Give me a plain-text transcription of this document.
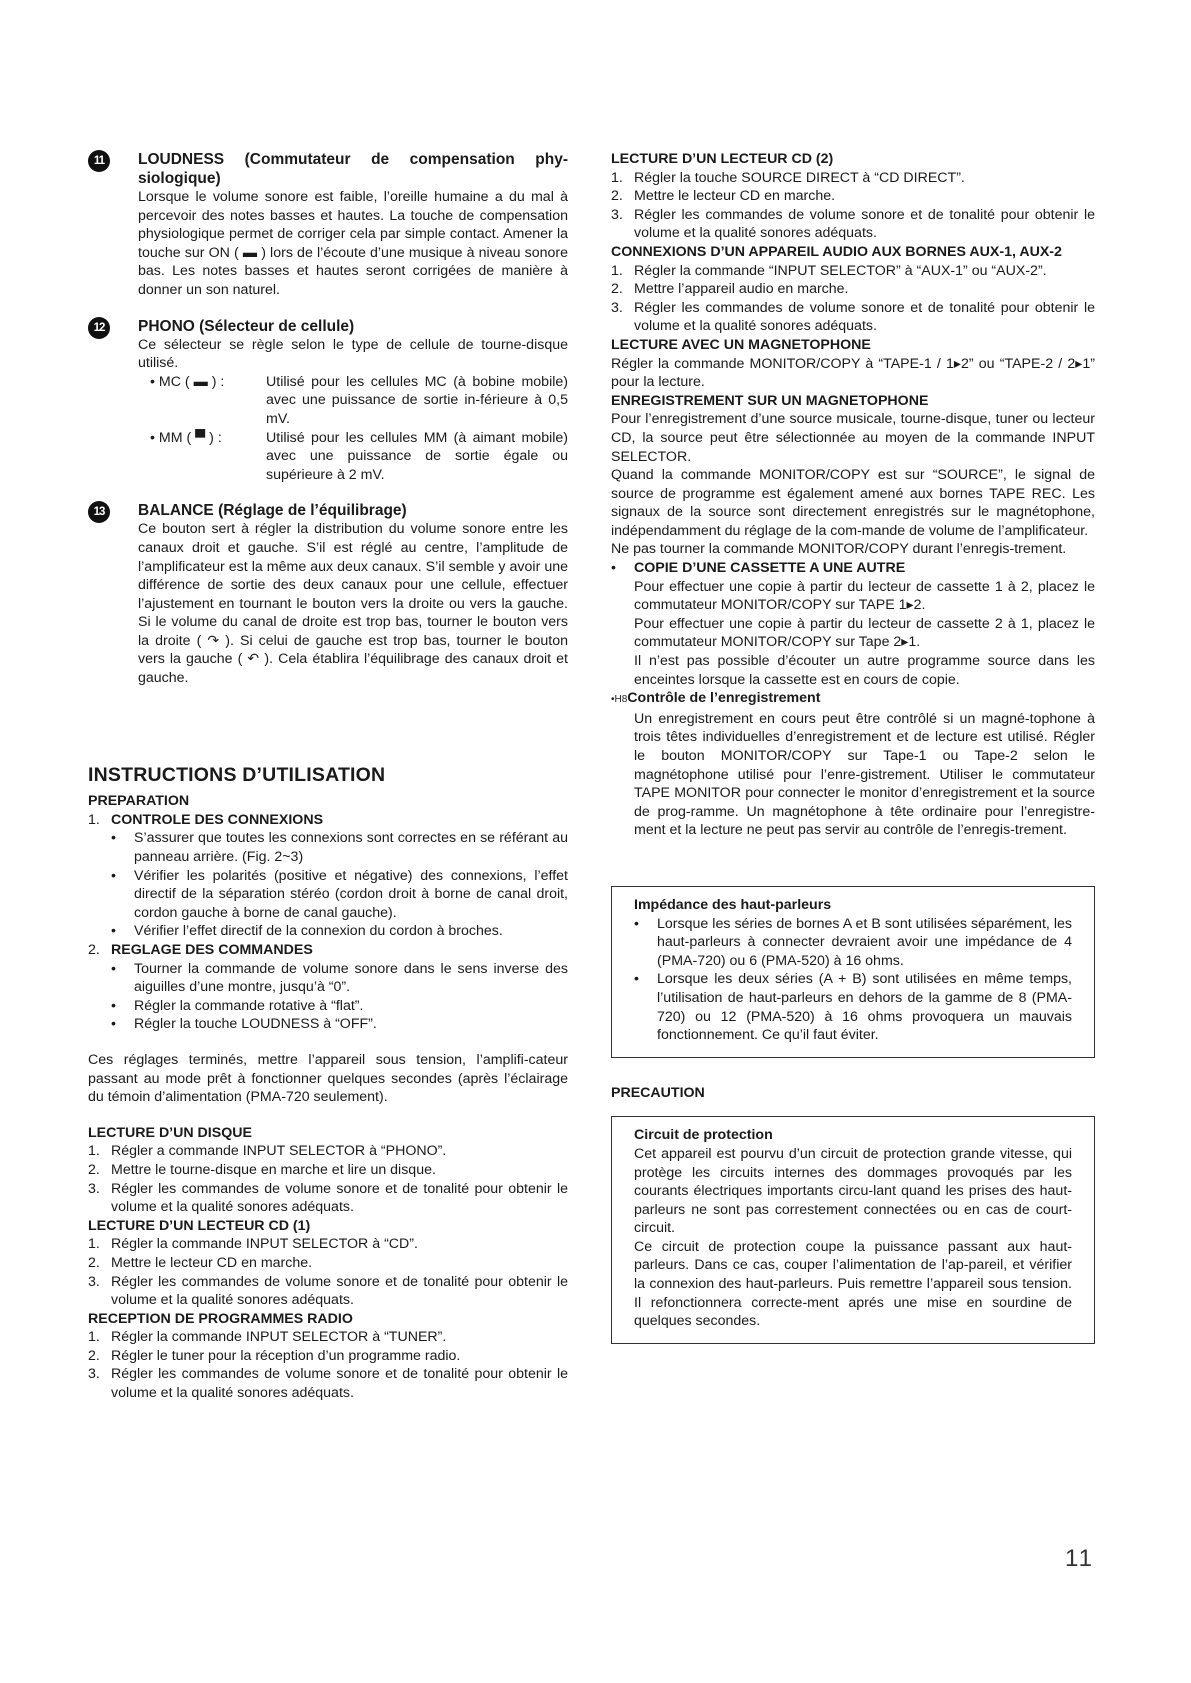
11	LOUDNESS (Commutateur de compensation phy-siologique)

Lorsque le volume sonore est faible, l’oreille humaine a du mal à percevoir des notes basses et hautes. La touche de compensation physiologique permet de corriger cela par simple contact. Amener la touche sur ON ( ▬ ) lors de l’écoute d’une musique à niveau sonore bas. Les notes basses et hautes seront corrigées de manière à donner un son naturel.

12	PHONO (Sélecteur de cellule)

Ce sélecteur se règle selon le type de cellule de tourne-disque utilisé.

• MC ( ▬ ) :	Utilisé pour les cellules MC (à bobine mobile) avec une puissance de sortie in-férieure à 0,5 mV.
• MM ( ▀ ) :	Utilisé pour les cellules MM (à aimant mobile) avec une puissance de sortie égale ou supérieure à 2 mV.
13	BALANCE (Réglage de l’équilibrage)

Ce bouton sert à régler la distribution du volume sonore entre les canaux droit et gauche. S’il est réglé au centre, l’amplitude de l’amplificateur est la même aux deux canaux. S’il semble y avoir une différence de sortie des deux canaux pour une cellule, effectuer l’ajustement en tournant le bouton vers la droite ou vers la gauche. Si le volume du canal de droite est trop bas, tourner le bouton vers la droite ( ↷ ). Si celui de gauche est trop bas, tourner le bouton vers la gauche ( ↶ ). Cela établira l’équilibrage des canaux droit et gauche.

INSTRUCTIONS D’UTILISATION

PREPARATION

1. CONTROLE DES CONNEXIONS
•	S’assurer que toutes les connexions sont correctes en se référant au panneau arrière. (Fig. 2~3)
•	Vérifier les polarités (positive et négative) des connexions, l’effet directif de la séparation stéréo (cordon droit à borne de canal droit, cordon gauche à borne de canal gauche).
•	Vérifier l’effet directif de la connexion du cordon à broches.
2. REGLAGE DES COMMANDES
•	Tourner la commande de volume sonore dans le sens inverse des aiguilles d’une montre, jusqu’à “0”.
•	Régler la commande rotative à “flat”.
•	Régler la touche LOUDNESS à “OFF”.

Ces réglages terminés, mettre l’appareil sous tension, l’amplifi-cateur passant au mode prêt à fonctionner quelques secondes (après l’éclairage du témoin d’alimentation (PMA-720 seulement).

LECTURE D’UN DISQUE

1. Régler a commande INPUT SELECTOR à “PHONO”.
2. Mettre le tourne-disque en marche et lire un disque.
3. Régler les commandes de volume sonore et de tonalité pour obtenir le volume et la qualité sonores adéquats.

LECTURE D’UN LECTEUR CD (1)

1. Régler la commande INPUT SELECTOR à “CD”.
2. Mettre le lecteur CD en marche.
3. Régler les commandes de volume sonore et de tonalité pour obtenir le volume et la qualité sonores adéquats.

RECEPTION DE PROGRAMMES RADIO

1. Régler la commande INPUT SELECTOR à “TUNER”.
2. Régler le tuner pour la réception d’un programme radio.
3. Régler les commandes de volume sonore et de tonalité pour obtenir le volume et la qualité sonores adéquats.

LECTURE D’UN LECTEUR CD (2)

1. Régler la touche SOURCE DIRECT à “CD DIRECT”.
2. Mettre le lecteur CD en marche.
3. Régler les commandes de volume sonore et de tonalité pour obtenir le volume et la qualité sonores adéquats.

CONNEXIONS D’UN APPAREIL AUDIO AUX BORNES AUX-1, AUX-2

1. Régler la commande “INPUT SELECTOR” à “AUX-1” ou “AUX-2”.
2. Mettre l’appareil audio en marche.
3. Régler les commandes de volume sonore et de tonalité pour obtenir le volume et la qualité sonores adéquats.

LECTURE AVEC UN MAGNETOPHONE

Régler la commande MONITOR/COPY à “TAPE-1 / 1▸2” ou “TAPE-2 / 2▸1” pour la lecture.

ENREGISTREMENT SUR UN MAGNETOPHONE

Pour l’enregistrement d’une source musicale, tourne-disque, tuner ou lecteur CD, la source peut être sélectionnée au moyen de la commande INPUT SELECTOR.

Quand la commande MONITOR/COPY est sur “SOURCE”, le signal de source de programme est également amené aux bornes TAPE REC. Les signaux de la source sont directement enregistrés sur le magnétophone, indépendamment du réglage de la com-mande de volume de l’amplificateur.

Ne pas tourner la commande MONITOR/COPY durant l’enregis-trement.

•	COPIE D’UNE CASSETTE A UNE AUTRE

Pour effectuer une copie à partir du lecteur de cassette 1 à 2, placez le commutateur MONITOR/COPY sur TAPE 1▸2.

Pour effectuer une copie à partir du lecteur de cassette 2 à 1, placez le commutateur MONITOR/COPY sur Tape 2▸1.

Il n’est pas possible d’écouter un autre programme source dans les enceintes lorsque la cassette est en cours de copie.

•H8Contrôle de l’enregistrement

Un enregistrement en cours peut être contrôlé si un magné-tophone à trois têtes individuelles d’enregistrement et de lecture est utilisé. Régler le bouton MONITOR/COPY sur Tape-1 ou Tape-2 selon le magnétophone utilisé pour l’enre-gistrement. Utiliser le commutateur TAPE MONITOR pour connecter le monitor d’enregistrement et la source de prog-ramme. Un magnétophone à tête ordinaire pour l’enregistre-ment et la lecture ne peut pas servir au contrôle de l’enregis-trement.

Impédance des haut-parleurs
•	Lorsque les séries de bornes A et B sont utilisées séparément, les haut-parleurs à connecter devraient avoir une impédance de 4 (PMA-720) ou 6 (PMA-520) à 16 ohms.
•	Lorsque les deux séries (A + B) sont utilisées en même temps, l’utilisation de haut-parleurs en dehors de la gamme de 8 (PMA-720) ou 12 (PMA-520) à 16 ohms provoquera un mauvais fonctionnement. Ce qu’il faut éviter.

PRECAUTION

Circuit de protection

Cet appareil est pourvu d’un circuit de protection grande vitesse, qui protège les circuits internes des dommages provoqués par les courants électriques importants circu-lant quand les prises des haut-parleurs ne sont pas correstement connectées ou en cas de court-circuit.

Ce circuit de protection coupe la puissance passant aux haut-parleurs. Dans ce cas, couper l’alimentation de l’ap-pareil, et vérifier la connexion des haut-parleurs. Puis remettre l’appareil sous tension. Il refonctionnera correcte-ment aprés une mise en sourdine de quelques secondes.

11
